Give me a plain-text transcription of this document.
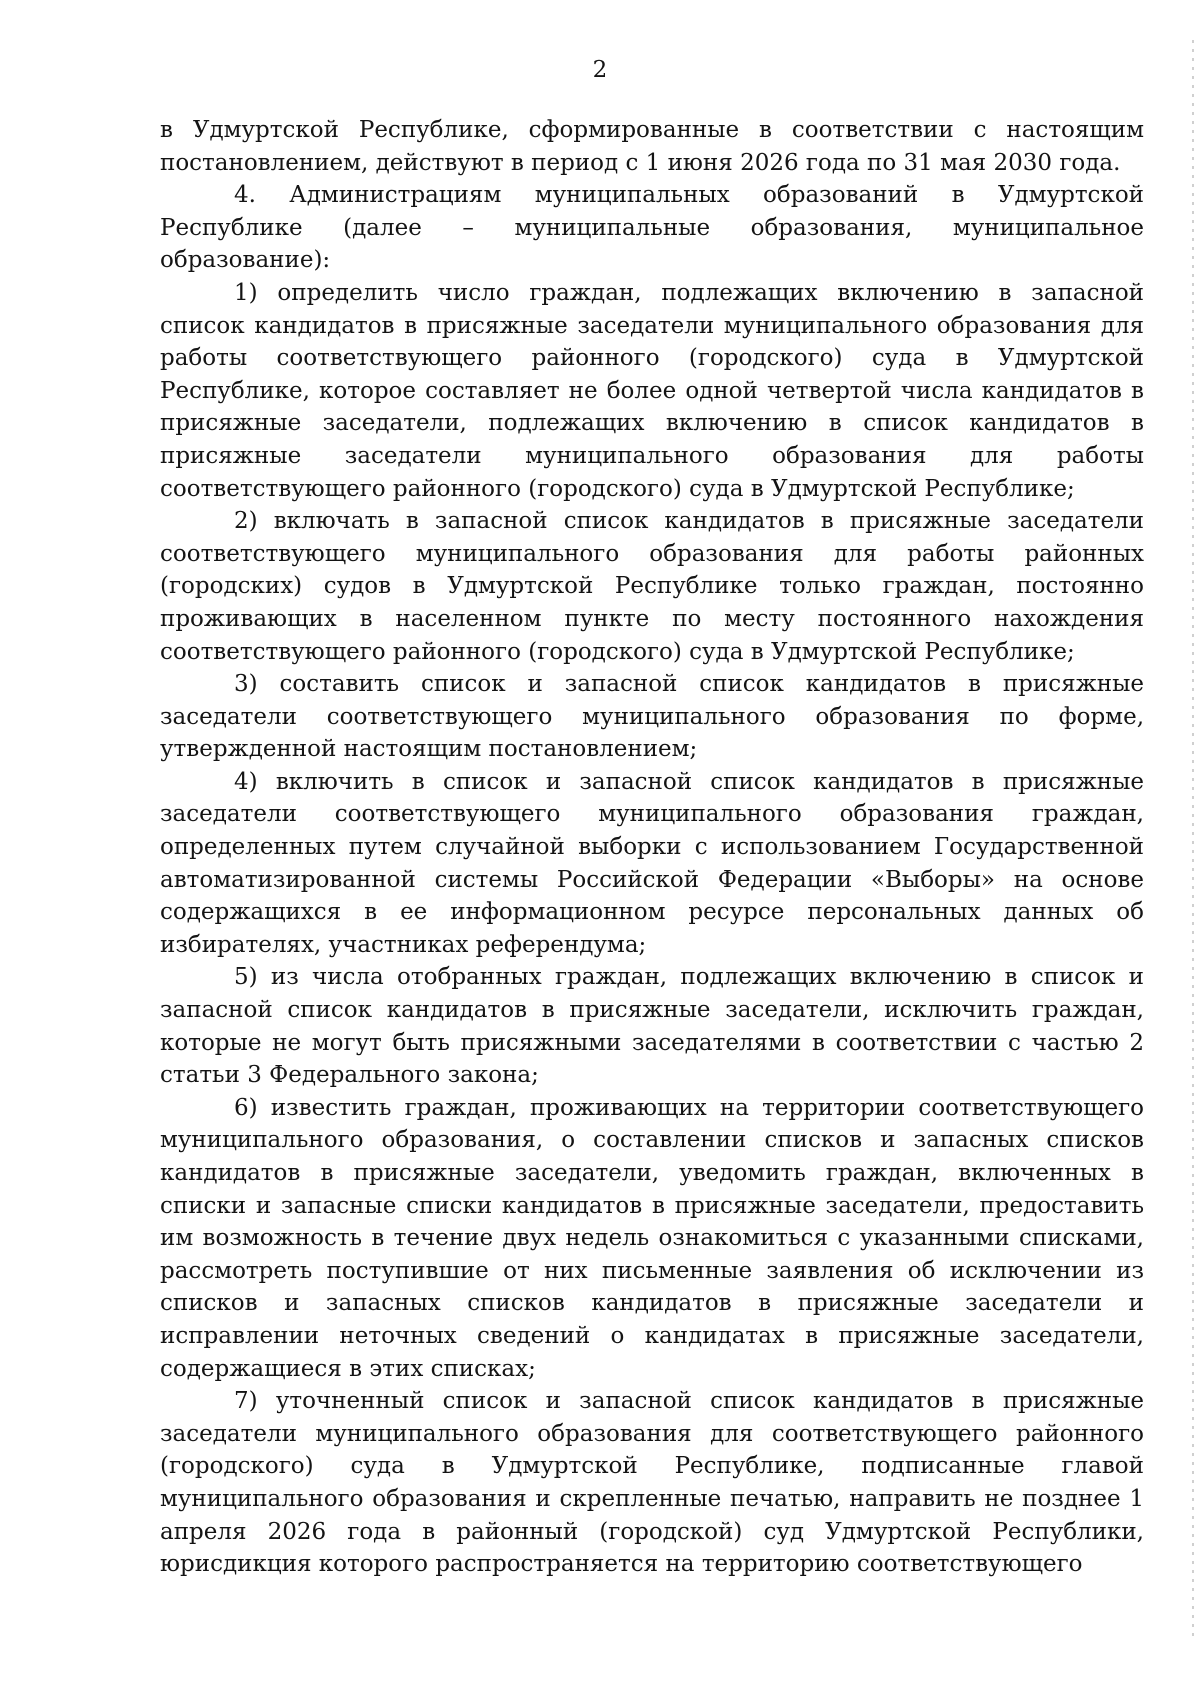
2

в Удмуртской Республике, сформированные в соответствии с настоящим постановлением, действуют в период с 1 июня 2026 года по 31 мая 2030 года.

4. Администрациям муниципальных образований в Удмуртской Республике (далее – муниципальные образования, муниципальное образование):

1) определить число граждан, подлежащих включению в запасной список кандидатов в присяжные заседатели муниципального образования для работы соответствующего районного (городского) суда в Удмуртской Республике, которое составляет не более одной четвертой числа кандидатов в присяжные заседатели, подлежащих включению в список кандидатов в присяжные заседатели муниципального образования для работы соответствующего районного (городского) суда в Удмуртской Республике;

2) включать в запасной список кандидатов в присяжные заседатели соответствующего муниципального образования для работы районных (городских) судов в Удмуртской Республике только граждан, постоянно проживающих в населенном пункте по месту постоянного нахождения соответствующего районного (городского) суда в Удмуртской Республике;

3) составить список и запасной список кандидатов в присяжные заседатели соответствующего муниципального образования по форме, утвержденной настоящим постановлением;

4) включить в список и запасной список кандидатов в присяжные заседатели соответствующего муниципального образования граждан, определенных путем случайной выборки с использованием Государственной автоматизированной системы Российской Федерации «Выборы» на основе содержащихся в ее информационном ресурсе персональных данных об избирателях, участниках референдума;

5) из числа отобранных граждан, подлежащих включению в список и запасной список кандидатов в присяжные заседатели, исключить граждан, которые не могут быть присяжными заседателями в соответствии с частью 2 статьи 3 Федерального закона;

6) известить граждан, проживающих на территории соответствующего муниципального образования, о составлении списков и запасных списков кандидатов в присяжные заседатели, уведомить граждан, включенных в списки и запасные списки кандидатов в присяжные заседатели, предоставить им возможность в течение двух недель ознакомиться с указанными списками, рассмотреть поступившие от них письменные заявления об исключении из списков и запасных списков кандидатов в присяжные заседатели и исправлении неточных сведений о кандидатах в присяжные заседатели, содержащиеся в этих списках;

7) уточненный список и запасной список кандидатов в присяжные заседатели муниципального образования для соответствующего районного (городского) суда в Удмуртской Республике, подписанные главой муниципального образования и скрепленные печатью, направить не позднее 1 апреля 2026 года в районный (городской) суд Удмуртской Республики, юрисдикция которого распространяется на территорию соответствующего
